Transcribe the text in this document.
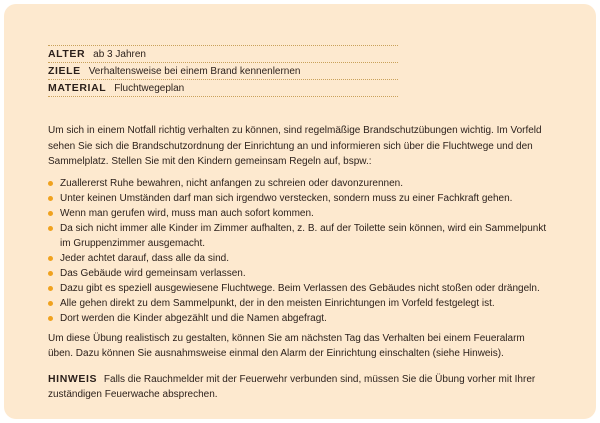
ALTER ab 3 Jahren
ZIELE Verhaltensweise bei einem Brand kennenlernen
MATERIAL Fluchtwegeplan

Um sich in einem Notfall richtig verhalten zu können, sind regelmäßige Brandschutzübungen wichtig. Im Vorfeld sehen Sie sich die Brandschutzordnung der Einrichtung an und informieren sich über die Fluchtwege und den Sammelplatz. Stellen Sie mit den Kindern gemeinsam Regeln auf, bspw.:

Zuallererst Ruhe bewahren, nicht anfangen zu schreien oder davonzurennen.
Unter keinen Umständen darf man sich irgendwo verstecken, sondern muss zu einer Fachkraft gehen.
Wenn man gerufen wird, muss man auch sofort kommen.
Da sich nicht immer alle Kinder im Zimmer aufhalten, z. B. auf der Toilette sein können, wird ein Sammelpunkt im Gruppenzimmer ausgemacht.
Jeder achtet darauf, dass alle da sind.
Das Gebäude wird gemeinsam verlassen.
Dazu gibt es speziell ausgewiesene Fluchtwege. Beim Verlassen des Gebäudes nicht stoßen oder drängeln.
Alle gehen direkt zu dem Sammelpunkt, der in den meisten Einrichtungen im Vorfeld festgelegt ist.
Dort werden die Kinder abgezählt und die Namen abgefragt.

Um diese Übung realistisch zu gestalten, können Sie am nächsten Tag das Verhalten bei einem Feueralarm üben. Dazu können Sie ausnahmsweise einmal den Alarm der Einrichtung einschalten (siehe Hinweis).

HINWEIS Falls die Rauchmelder mit der Feuerwehr verbunden sind, müssen Sie die Übung vorher mit Ihrer zuständigen Feuerwache absprechen.
